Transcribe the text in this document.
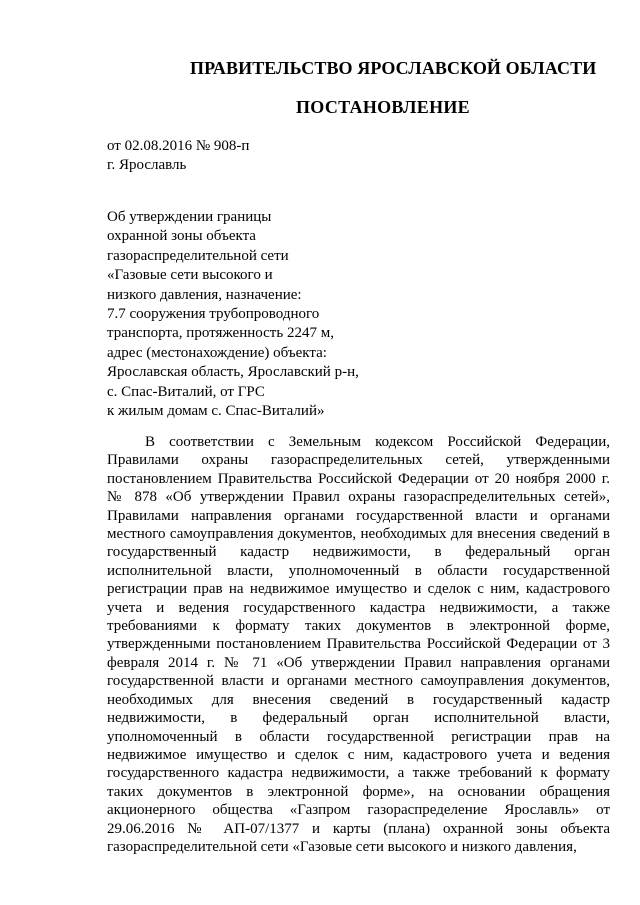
ПРАВИТЕЛЬСТВО ЯРОСЛАВСКОЙ ОБЛАСТИ
ПОСТАНОВЛЕНИЕ
от 02.08.2016 № 908-п
г. Ярославль
Об утверждении границы
охранной зоны объекта
газораспределительной сети
«Газовые сети высокого и
низкого давления, назначение:
7.7 сооружения трубопроводного
транспорта, протяженность 2247 м,
адрес (местонахождение) объекта:
Ярославская область, Ярославский р-н,
с. Спас-Виталий, от ГРС
к жилым домам с. Спас-Виталий»

В соответствии с Земельным кодексом Российской Федерации, Правилами охраны газораспределительных сетей, утвержденными постановлением Правительства Российской Федерации от 20 ноября 2000 г. № 878 «Об утверждении Правил охраны газораспределительных сетей», Правилами направления органами государственной власти и органами местного самоуправления документов, необходимых для внесения сведений в государственный кадастр недвижимости, в федеральный орган исполнительной власти, уполномоченный в области государственной регистрации прав на недвижимое имущество и сделок с ним, кадастрового учета и ведения государственного кадастра недвижимости, а также требованиями к формату таких документов в электронной форме, утвержденными постановлением Правительства Российской Федерации от 3 февраля 2014 г. № 71 «Об утверждении Правил направления органами государственной власти и органами местного самоуправления документов, необходимых для внесения сведений в государственный кадастр недвижимости, в федеральный орган исполнительной власти, уполномоченный в области государственной регистрации прав на недвижимое имущество и сделок с ним, кадастрового учета и ведения государственного кадастра недвижимости, а также требований к формату таких документов в электронной форме», на основании обращения акционерного общества «Газпром газораспределение Ярославль» от 29.06.2016 № АП-07/1377 и карты (плана) охранной зоны объекта газораспределительной сети «Газовые сети высокого и низкого давления,
